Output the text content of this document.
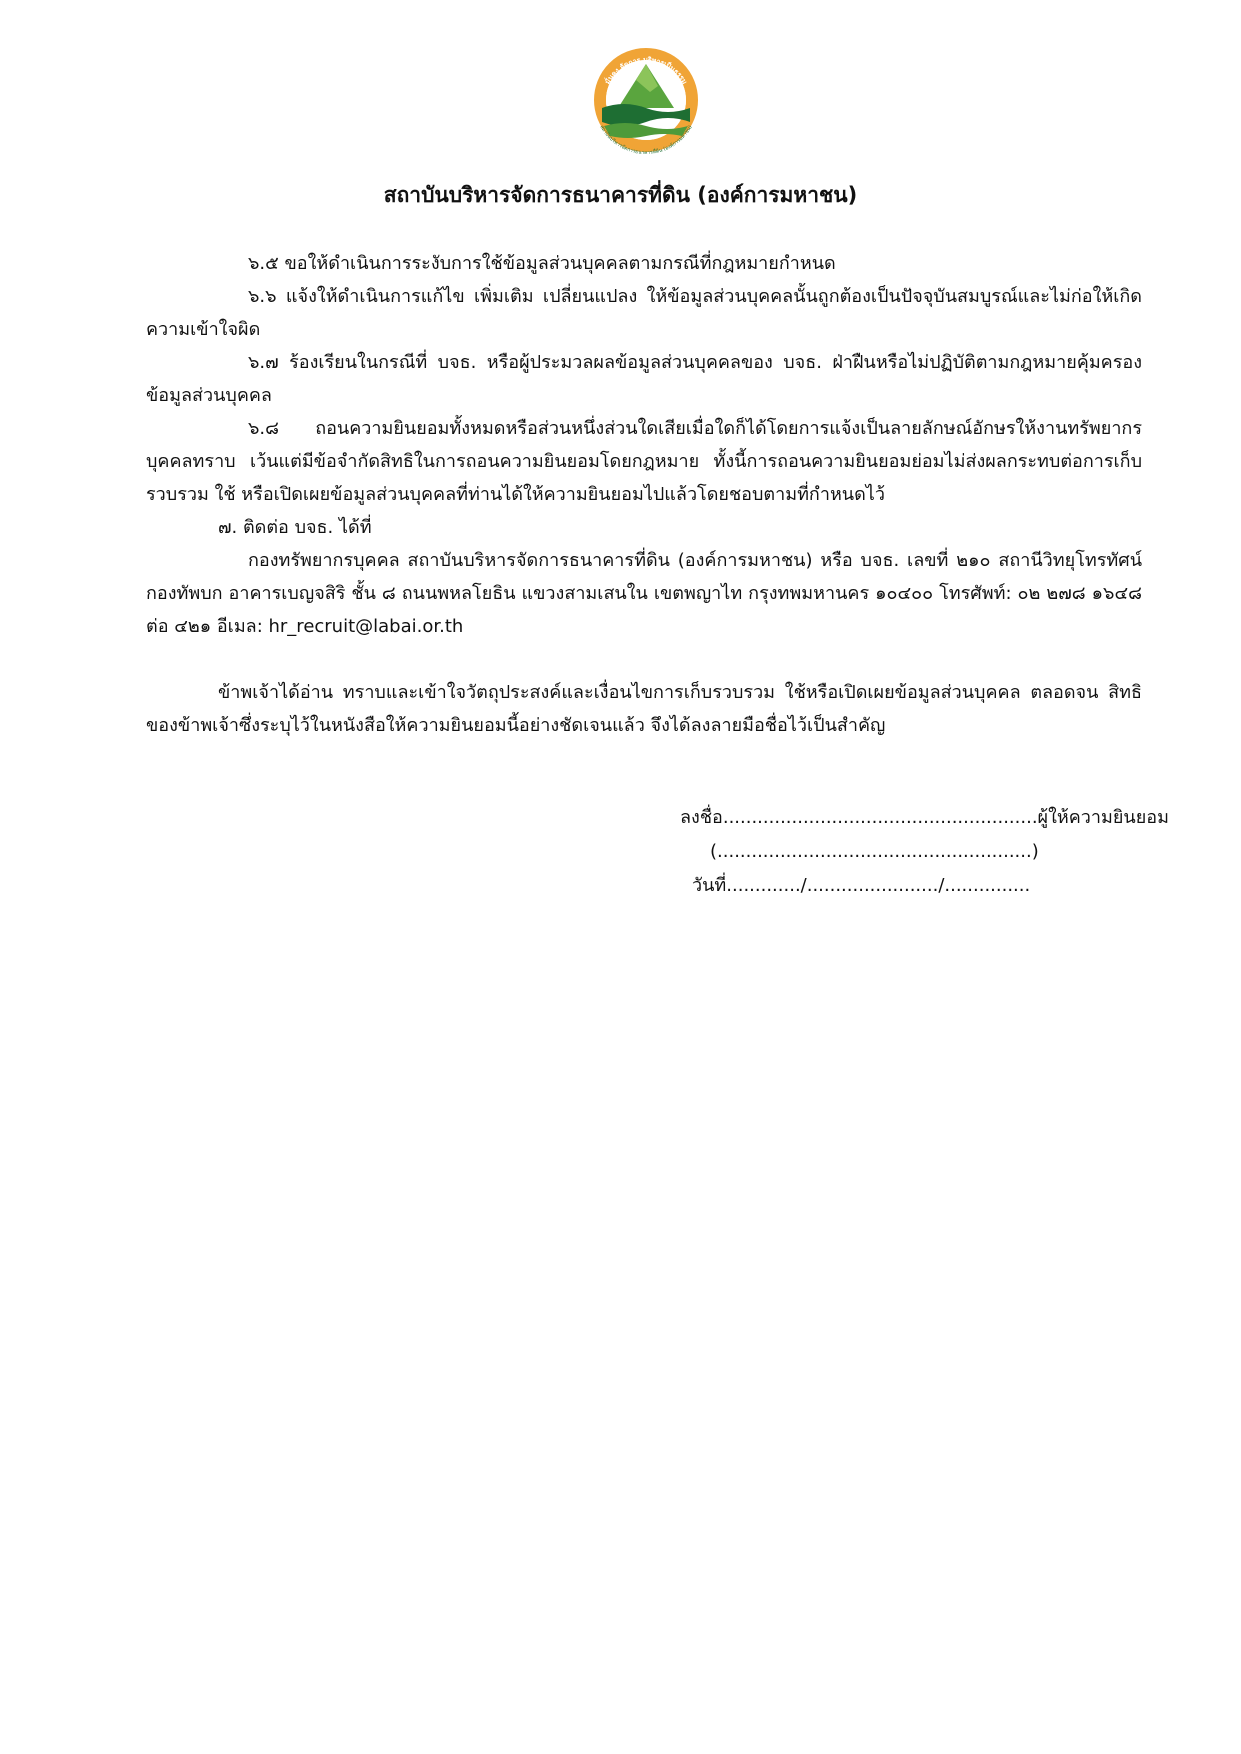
มั่นคง จัดการ บริหารเป็นธรรม
สถาบันบริหารจัดการธนาคารที่ดิน (องค์การมหาชน)
สถาบันบริหารจัดการธนาคารที่ดิน (องค์การมหาชน)

๖.๕ ขอให้ดำเนินการระงับการใช้ข้อมูลส่วนบุคคลตามกรณีที่กฎหมายกำหนด

๖.๖ แจ้งให้ดำเนินการแก้ไข เพิ่มเติม เปลี่ยนแปลง ให้ข้อมูลส่วนบุคคลนั้นถูกต้องเป็นปัจจุบันสมบูรณ์และไม่ก่อให้เกิดความเข้าใจผิด

๖.๗ ร้องเรียนในกรณีที่ บจธ. หรือผู้ประมวลผลข้อมูลส่วนบุคคลของ บจธ. ฝ่าฝืนหรือไม่ปฏิบัติตามกฎหมายคุ้มครองข้อมูลส่วนบุคคล

๖.๘ ถอนความยินยอมทั้งหมดหรือส่วนหนึ่งส่วนใดเสียเมื่อใดก็ได้โดยการแจ้งเป็นลายลักษณ์อักษรให้งานทรัพยากรบุคคลทราบ เว้นแต่มีข้อจำกัดสิทธิในการถอนความยินยอมโดยกฎหมาย ทั้งนี้การถอนความยินยอมย่อมไม่ส่งผลกระทบต่อการเก็บรวบรวม ใช้ หรือเปิดเผยข้อมูลส่วนบุคคลที่ท่านได้ให้ความยินยอมไปแล้วโดยชอบตามที่กำหนดไว้

๗. ติดต่อ บจธ. ได้ที่

กองทรัพยากรบุคคล สถาบันบริหารจัดการธนาคารที่ดิน (องค์การมหาชน) หรือ บจธ. เลขที่ ๒๑๐ สถานีวิทยุโทรทัศน์กองทัพบก อาคารเบญจสิริ ชั้น ๘ ถนนพหลโยธิน แขวงสามเสนใน เขตพญาไท กรุงทพมหานคร ๑๐๔๐๐ โทรศัพท์: ๐๒ ๒๗๘ ๑๖๔๘ ต่อ ๔๒๑ อีเมล: hr_recruit@labai.or.th

ข้าพเจ้าได้อ่าน ทราบและเข้าใจวัตถุประสงค์และเงื่อนไขการเก็บรวบรวม ใช้หรือเปิดเผยข้อมูลส่วนบุคคล ตลอดจน สิทธิของข้าพเจ้าซึ่งระบุไว้ในหนังสือให้ความยินยอมนี้อย่างชัดเจนแล้ว จึงได้ลงลายมือชื่อไว้เป็นสำคัญ

ลงชื่อ.......................................................ผู้ให้ความยินยอม
(.......................................................)
วันที่............./......................./...............
